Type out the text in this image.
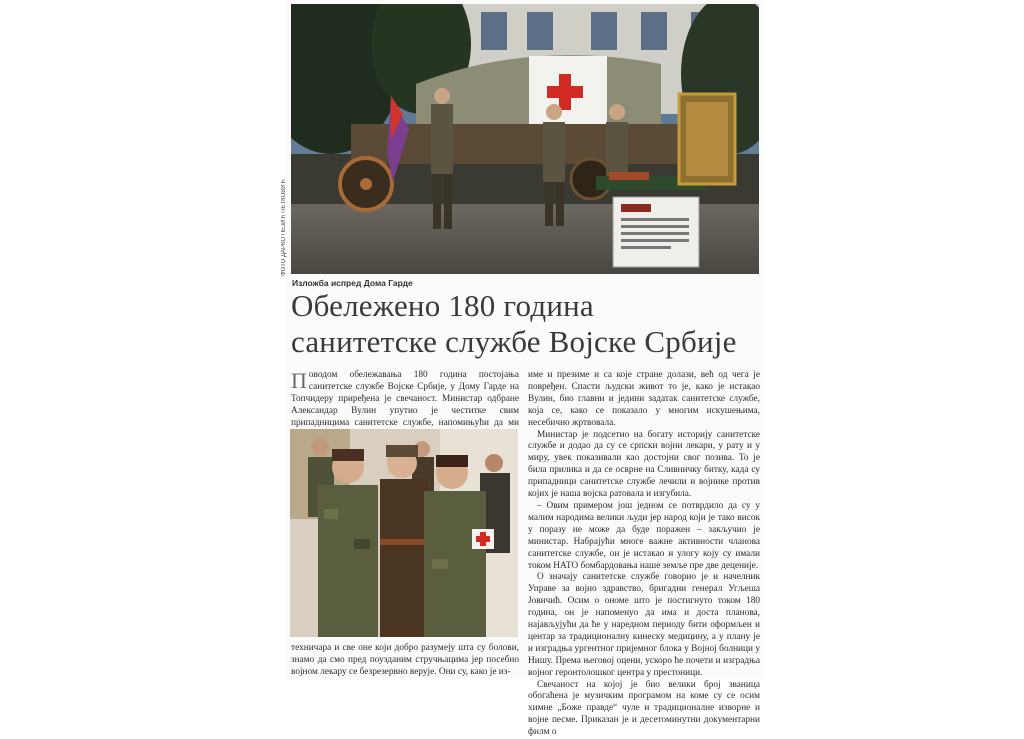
ФОТО ДАРКО ПЕЈИЋ ПЕТКОВИЋ
Изложба испред Дома Гарде
Обележено 180 година
санитетске службе Војске Србије

Поводом обележавања 180 година постојања санитетске службе Војске Србије, у Дому Гарде на Топчидеру приређена је свечаност. Министар одбране Александар Вулин упутио је честитке свим припадницима санитетске службе, напомињући да ми

техничара и све оне који добро разумеју шта су болови, знамо да смо пред поузданим стручњацима јер посебно војном лекару се безрезервно верује. Они су, како је из-

име и презиме и са које стране долази, већ од чега је повређен. Спасти људски живот то је, како је истакао Вулин, био главни и једини задатак санитетске службе, која се, како се показало у многим искушењима, несебично жртвовала.

Министар је подсетио на богату историју санитетске службе и додао да су се српски војни лекари, у рату и у миру, увек показивали као достојни свог позива. То је била прилика и да се осврне на Сливничку битку, када су припадници санитетске службе лечили и војнике против којих је наша војска ратовала и изгубила.

– Овим примером још једном се потврдило да су у малим народима велики људи јер народ који је тако висок у поразу не може да буде поражен – закључио је министар. Набрајући многе важне активности чланова санитетске службе, он је истакао и улогу коју су имали током НАТО бомбардовања наше земље пре две деценије.

О значају санитетске службе говорио је и начелник Управе за војно здравство, бригадни генерал Угљеша Јовичић. Осим о ономе што је постигнуто током 180 година, он је напоменуо да има и доста планова, најављујући да ће у наредном периоду бити оформљен и центар за традиционалну кинеску медицину, а у плану је и изградња ургентног пријемног блока у Војној болници у Нишу. Према његовој оцени, ускоро ће почети и изградња војног геронтолошког центра у престоници.

Свечаност на којој је био велики број званица обогаћена је музичким програмом на коме су се осим химне „Боже правде“ чуле и традиционалне изворне и војне песме. Приказан је и десетоминутни документарни филм о
